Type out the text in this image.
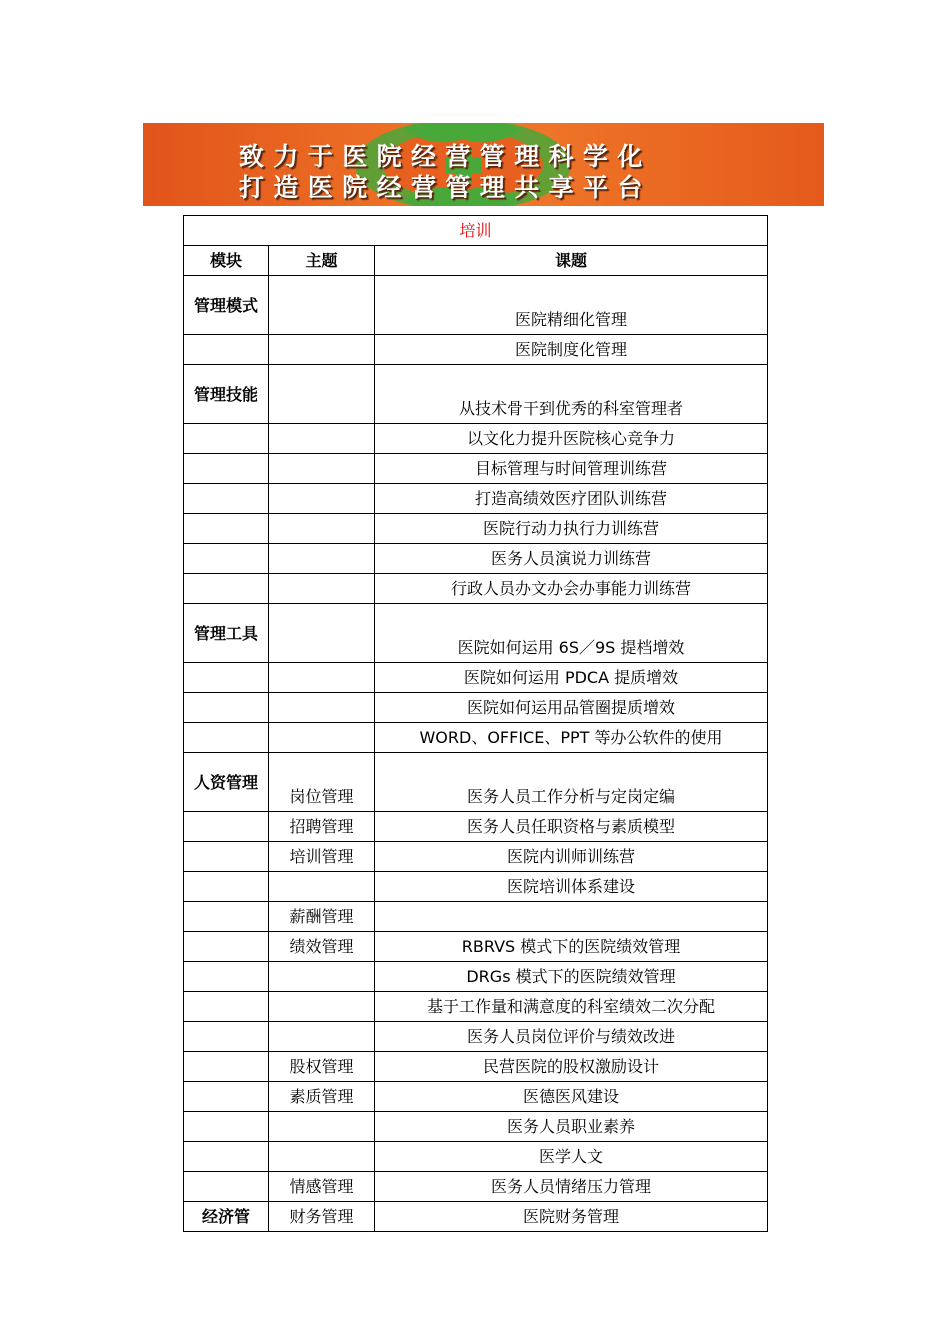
致力于医院经营管理科学化
打造医院经营管理共享平台
培训		
模块	主题	课题

管理模式		医院精细化管理

		医院制度化管理

管理技能		从技术骨干到优秀的科室管理者

		以文化力提升医院核心竞争力

		目标管理与时间管理训练营

		打造高绩效医疗团队训练营

		医院行动力执行力训练营

		医务人员演说力训练营

		行政人员办文办会办事能力训练营

管理工具		医院如何运用 6S／9S 提档增效

		医院如何运用 PDCA 提质增效

		医院如何运用品管圈提质增效

		WORD、OFFICE、PPT 等办公软件的使用

人资管理	岗位管理	医务人员工作分析与定岗定编

	招聘管理	医务人员任职资格与素质模型

	培训管理	医院内训师训练营

		医院培训体系建设

	薪酬管理	

	绩效管理	RBRVS 模式下的医院绩效管理

		DRGs 模式下的医院绩效管理

		基于工作量和满意度的科室绩效二次分配

		医务人员岗位评价与绩效改进

	股权管理	民营医院的股权激励设计

	素质管理	医德医风建设

		医务人员职业素养

		医学人文

	情感管理	医务人员情绪压力管理

经济管	财务管理	医院财务管理
